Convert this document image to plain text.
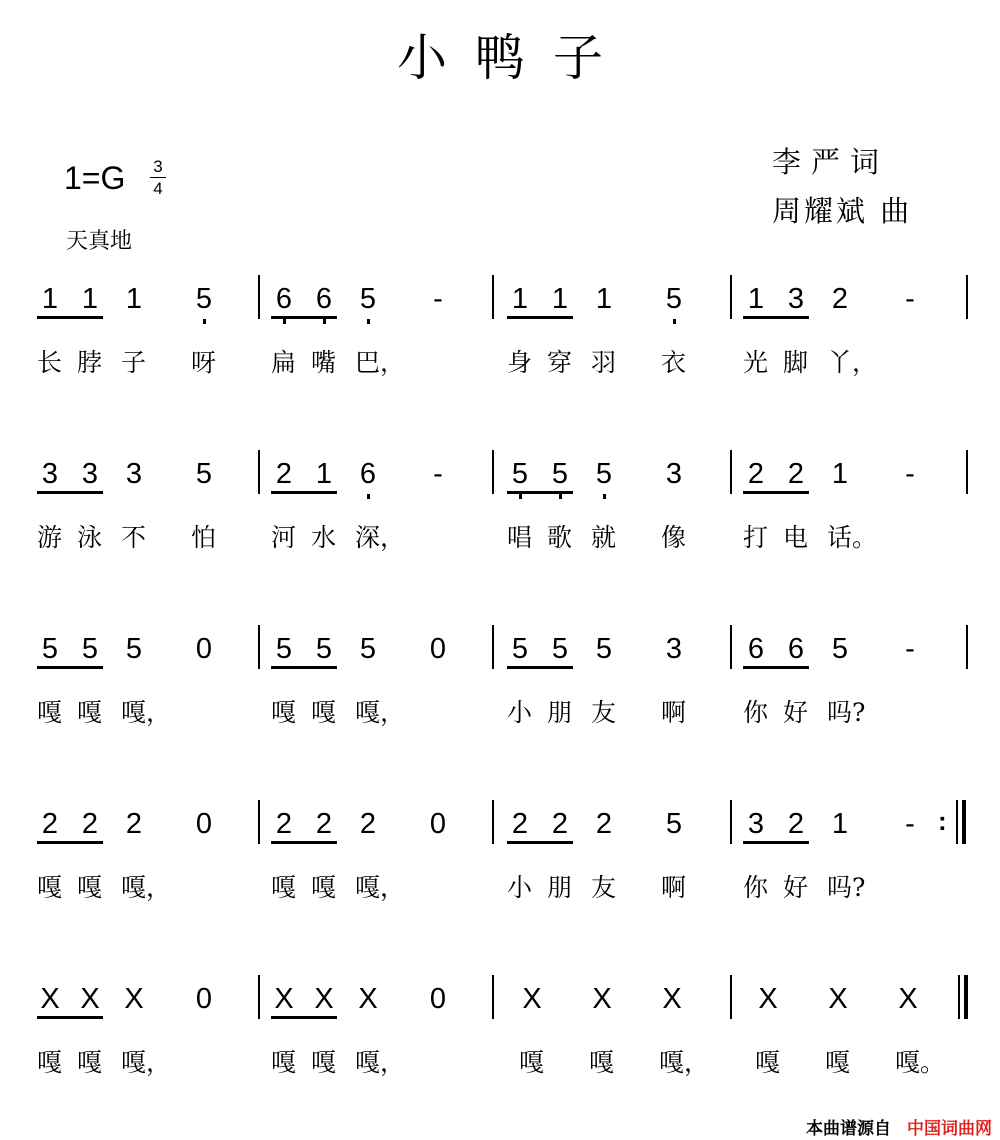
小鸭子
1=G 3
4
天真地
李严词
周耀斌 曲
1
长
1
脖
1
子
5
呀
6
扁
6
嘴
5
巴，
- 1
身
1
穿
1
羽
5
衣
1
光
3
脚
2
丫，
-
3
游
3
泳
3
不
5
怕
2
河
1
水
6
深，
- 5
唱
5
歌
5
就
3
像
2
打
2
电
1
话。
-
5
嘎
5
嘎
5
嘎，
0 5
嘎
5
嘎
5
嘎，
0 5
小
5
朋
5
友
3
啊
6
你
6
好
5
吗?
-
2
嘎
2
嘎
2
嘎，
0 2
嘎
2
嘎
2
嘎，
0 2
小
2
朋
2
友
5
啊
3
你
2
好
1
吗?
- :
X
嘎
X
嘎
X
嘎，
0 X
嘎
X
嘎
X
嘎，
0	X
嘎
X
嘎
X
嘎，
X
嘎
X
嘎
X
嘎。
本曲谱源自 中国词曲网
